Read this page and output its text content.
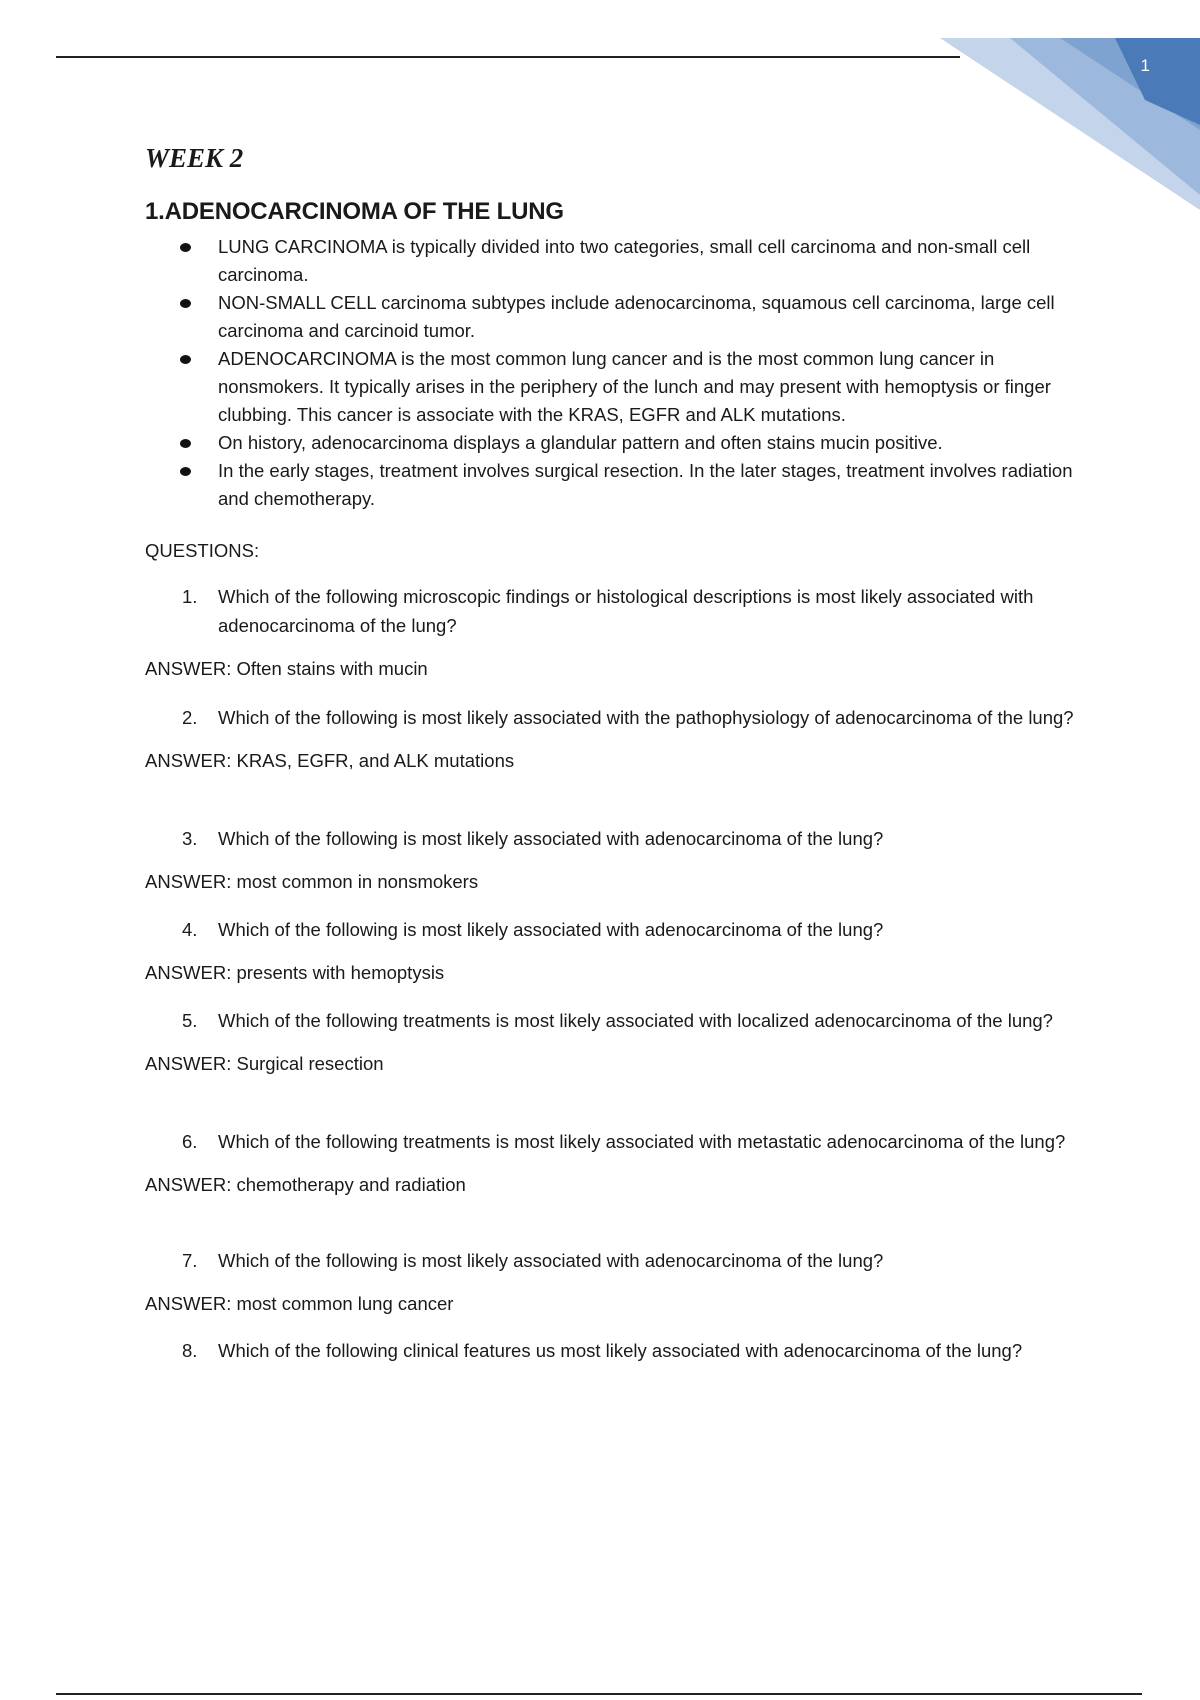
1
WEEK 2
1.ADENOCARCINOMA OF THE LUNG
LUNG CARCINOMA is typically divided into two categories, small cell carcinoma and non-small cell carcinoma.
NON-SMALL CELL carcinoma subtypes include adenocarcinoma, squamous cell carcinoma, large cell carcinoma and carcinoid tumor.
ADENOCARCINOMA is the most common lung cancer and is the most common lung cancer in nonsmokers. It typically arises in the periphery of the lunch and may present with hemoptysis or finger clubbing. This cancer is associate with the KRAS, EGFR and ALK mutations.
On history, adenocarcinoma displays a glandular pattern and often stains mucin positive.
In the early stages, treatment involves surgical resection. In the later stages, treatment involves radiation and chemotherapy.
QUESTIONS:
1. Which of the following microscopic findings or histological descriptions is most likely associated with adenocarcinoma of the lung?
ANSWER: Often stains with mucin
2. Which of the following is most likely associated with the pathophysiology of adenocarcinoma of the lung?
ANSWER: KRAS, EGFR, and ALK mutations
3. Which of the following is most likely associated with adenocarcinoma of the lung?
ANSWER: most common in nonsmokers
4. Which of the following is most likely associated with adenocarcinoma of the lung?
ANSWER: presents with hemoptysis
5. Which of the following treatments is most likely associated with localized adenocarcinoma of the lung?
ANSWER: Surgical resection
6. Which of the following treatments is most likely associated with metastatic adenocarcinoma of the lung?
ANSWER: chemotherapy and radiation
7. Which of the following is most likely associated with adenocarcinoma of the lung?
ANSWER: most common lung cancer
8. Which of the following clinical features us most likely associated with adenocarcinoma of the lung?
